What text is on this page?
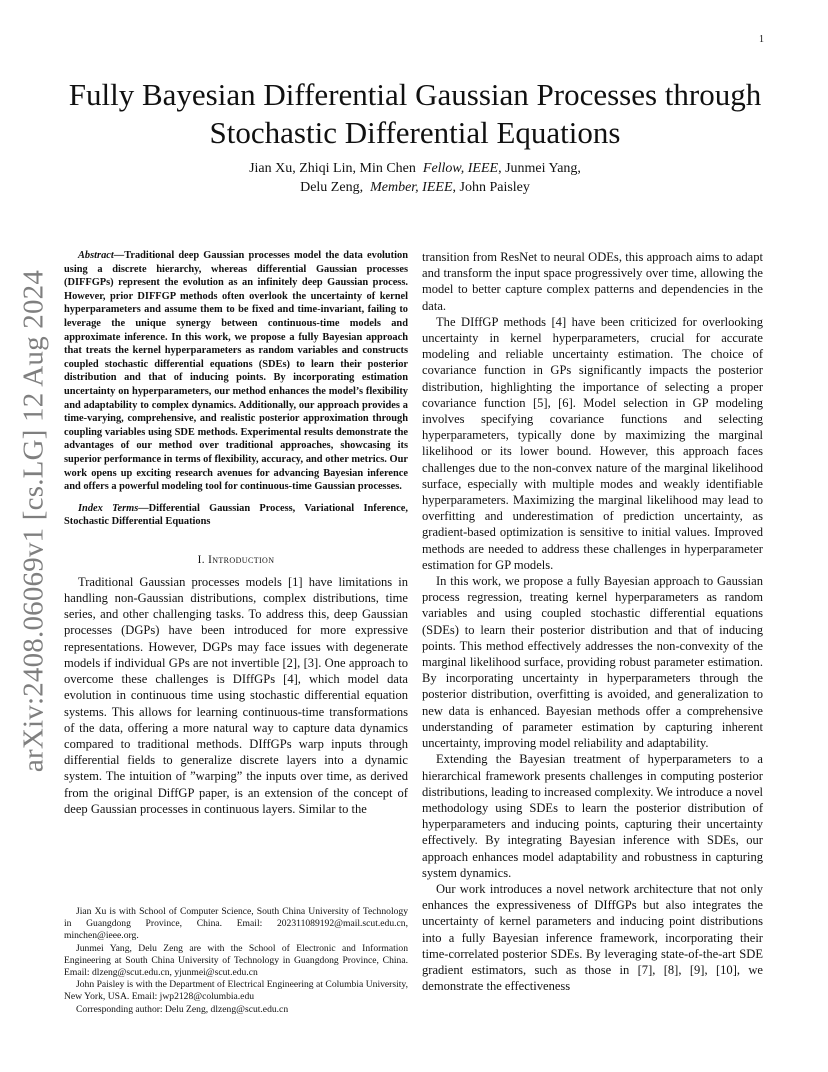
1
arXiv:2408.06069v1 [cs.LG] 12 Aug 2024
Fully Bayesian Differential Gaussian Processes through Stochastic Differential Equations
Jian Xu, Zhiqi Lin, Min Chen Fellow, IEEE, Junmei Yang,
Delu Zeng, Member, IEEE, John Paisley

Abstract—Traditional deep Gaussian processes model the data evolution using a discrete hierarchy, whereas differential Gaussian processes (DIFFGPs) represent the evolution as an infinitely deep Gaussian process. However, prior DIFFGP methods often overlook the uncertainty of kernel hyperparameters and assume them to be fixed and time-invariant, failing to leverage the unique synergy between continuous-time models and approximate inference. In this work, we propose a fully Bayesian approach that treats the kernel hyperparameters as random variables and constructs coupled stochastic differential equations (SDEs) to learn their posterior distribution and that of inducing points. By incorporating estimation uncertainty on hyperparameters, our method enhances the model’s flexibility and adaptability to complex dynamics. Additionally, our approach provides a time-varying, comprehensive, and realistic posterior approximation through coupling variables using SDE methods. Experimental results demonstrate the advantages of our method over traditional approaches, showcasing its superior performance in terms of flexibility, accuracy, and other metrics. Our work opens up exciting research avenues for advancing Bayesian inference and offers a powerful modeling tool for continuous-time Gaussian processes.

Index Terms—Differential Gaussian Process, Variational Inference, Stochastic Differential Equations

I. Introduction

Traditional Gaussian processes models [1] have limitations in handling non-Gaussian distributions, complex distributions, time series, and other challenging tasks. To address this, deep Gaussian processes (DGPs) have been introduced for more expressive representations. However, DGPs may face issues with degenerate models if individual GPs are not invertible [2], [3]. One approach to overcome these challenges is DIffGPs [4], which model data evolution in continuous time using stochastic differential equation systems. This allows for learning continuous-time transformations of the data, offering a more natural way to capture data dynamics compared to traditional methods. DIffGPs warp inputs through differential fields to generalize discrete layers into a dynamic system. The intuition of ”warping” the inputs over time, as derived from the original DiffGP paper, is an extension of the concept of deep Gaussian processes in continuous layers. Similar to the

transition from ResNet to neural ODEs, this approach aims to adapt and transform the input space progressively over time, allowing the model to better capture complex patterns and dependencies in the data.

The DIffGP methods [4] have been criticized for overlooking uncertainty in kernel hyperparameters, crucial for accurate modeling and reliable uncertainty estimation. The choice of covariance function in GPs significantly impacts the posterior distribution, highlighting the importance of selecting a proper covariance function [5], [6]. Model selection in GP modeling involves specifying covariance functions and selecting hyperparameters, typically done by maximizing the marginal likelihood or its lower bound. However, this approach faces challenges due to the non-convex nature of the marginal likelihood surface, especially with multiple modes and weakly identifiable hyperparameters. Maximizing the marginal likelihood may lead to overfitting and underestimation of prediction uncertainty, as gradient-based optimization is sensitive to initial values. Improved methods are needed to address these challenges in hyperparameter estimation for GP models.

In this work, we propose a fully Bayesian approach to Gaussian process regression, treating kernel hyperparameters as random variables and using coupled stochastic differential equations (SDEs) to learn their posterior distribution and that of inducing points. This method effectively addresses the non-convexity of the marginal likelihood surface, providing robust parameter estimation. By incorporating uncertainty in hyperparameters through the posterior distribution, overfitting is avoided, and generalization to new data is enhanced. Bayesian methods offer a comprehensive understanding of parameter estimation by capturing inherent uncertainty, improving model reliability and adaptability.

Extending the Bayesian treatment of hyperparameters to a hierarchical framework presents challenges in computing posterior distributions, leading to increased complexity. We introduce a novel methodology using SDEs to learn the posterior distribution of hyperparameters and inducing points, capturing their uncertainty effectively. By integrating Bayesian inference with SDEs, our approach enhances model adaptability and robustness in capturing system dynamics.

Our work introduces a novel network architecture that not only enhances the expressiveness of DIffGPs but also integrates the uncertainty of kernel parameters and inducing point distributions into a fully Bayesian inference framework, incorporating their time-correlated posterior SDEs. By leveraging state-of-the-art SDE gradient estimators, such as those in [7], [8], [9], [10], we demonstrate the effectiveness

Jian Xu is with School of Computer Science, South China University of Technology in Guangdong Province, China. Email: 202311089192@mail.scut.edu.cn, minchen@ieee.org.

Junmei Yang, Delu Zeng are with the School of Electronic and Information Engineering at South China University of Technology in Guangdong Province, China. Email: dlzeng@scut.edu.cn, yjunmei@scut.edu.cn

John Paisley is with the Department of Electrical Engineering at Columbia University, New York, USA. Email: jwp2128@columbia.edu

Corresponding author: Delu Zeng, dlzeng@scut.edu.cn
